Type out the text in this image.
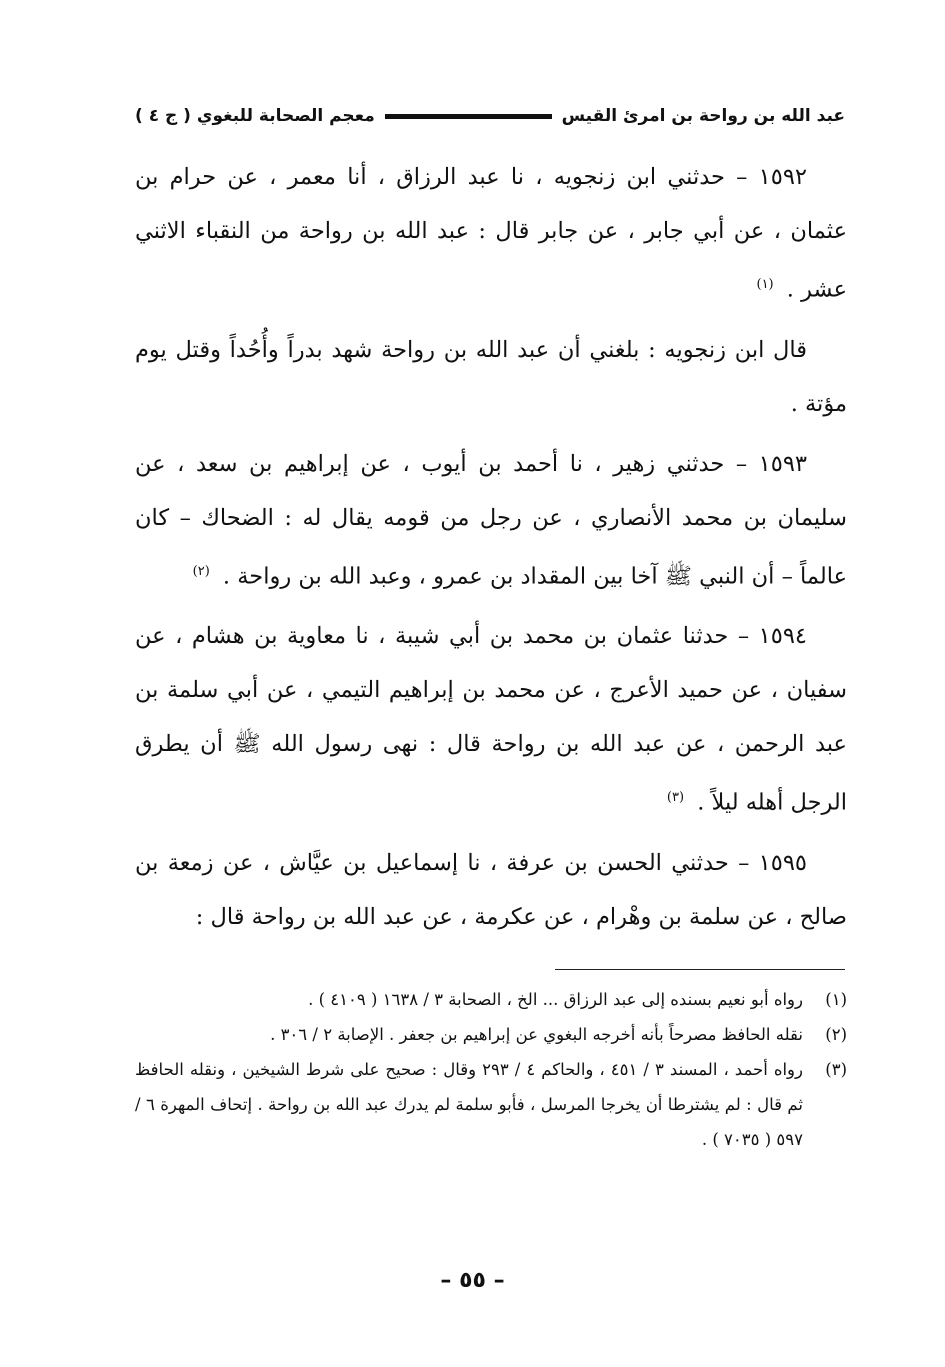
عبد الله بن رواحة بن امرئ القيس
معجم الصحابة للبغوي ( ج ٤ )

١٥٩٢ – حدثني ابن زنجويه ، نا عبد الرزاق ، أنا معمر ، عن حرام بن عثمان ، عن أبي جابر ، عن جابر قال : عبد الله بن رواحة من النقباء الاثني عشر . $^{(١)}$

قال ابن زنجويه : بلغني أن عبد الله بن رواحة شهد بدراً وأُحُداً وقتل يوم مؤتة .

١٥٩٣ – حدثني زهير ، نا أحمد بن أيوب ، عن إبراهيم بن سعد ، عن سليمان بن محمد الأنصاري ، عن رجل من قومه يقال له : الضحاك – كان عالماً – أن النبي ﷺ آخا بين المقداد بن عمرو ، وعبد الله بن رواحة . $^{(٢)}$

١٥٩٤ – حدثنا عثمان بن محمد بن أبي شيبة ، نا معاوية بن هشام ، عن سفيان ، عن حميد الأعرج ، عن محمد بن إبراهيم التيمي ، عن أبي سلمة بن عبد الرحمن ، عن عبد الله بن رواحة قال : نهى رسول الله ﷺ أن يطرق الرجل أهله ليلاً . $^{(٣)}$

١٥٩٥ – حدثني الحسن بن عرفة ، نا إسماعيل بن عيَّاش ، عن زمعة بن صالح ، عن سلمة بن وهْرام ، عن عكرمة ، عن عبد الله بن رواحة قال :

(١)
رواه أبو نعيم بسنده إلى عبد الرزاق ... الخ ، الصحابة ٣ / ١٦٣٨ ( ٤١٠٩ ) .
(٢)
نقله الحافظ مصرحاً بأنه أخرجه البغوي عن إبراهيم بن جعفر . الإصابة ٢ / ٣٠٦ .
(٣)
رواه أحمد ، المسند ٣ / ٤٥١ ، والحاكم ٤ / ٢٩٣ وقال : صحيح على شرط الشيخين ، ونقله الحافظ ثم قال : لم يشترطا أن يخرجا المرسل ، فأبو سلمة لم يدرك عبد الله بن رواحة . إتحاف المهرة ٦ / ٥٩٧ ( ٧٠٣٥ ) .
– ٥٥ –
